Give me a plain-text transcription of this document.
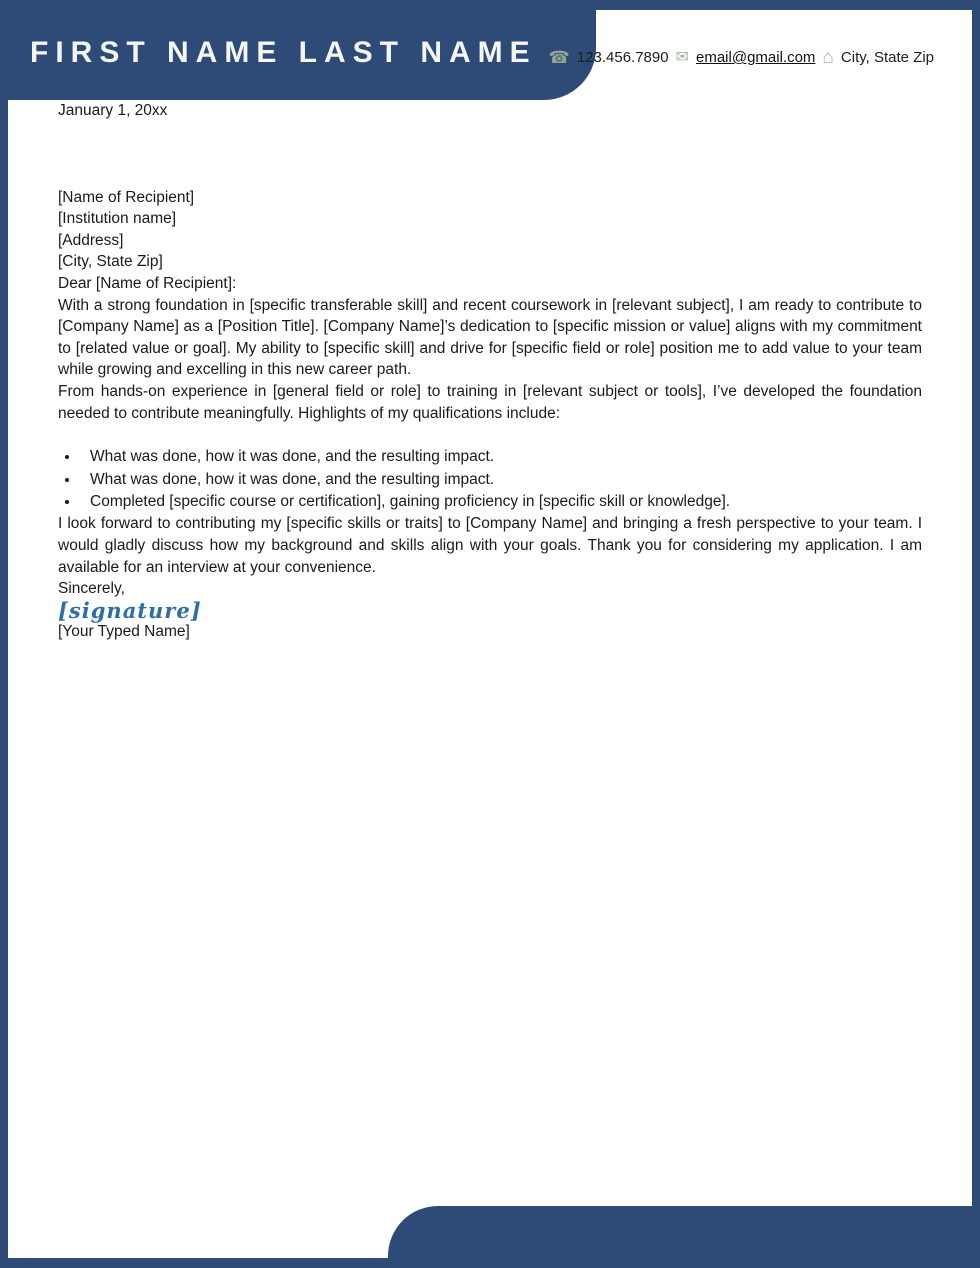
FIRST NAME LAST NAME ☎ 123.456.7890 ✉ email@gmail.com ⌂ City, State Zip

January 1, 20xx

[Name of Recipient]

[Institution name]

[Address]

[City, State Zip]

Dear [Name of Recipient]:

With a strong foundation in [specific transferable skill] and recent coursework in [relevant subject], I am ready to contribute to [Company Name] as a [Position Title]. [Company Name]’s dedication to [specific mission or value] aligns with my commitment to [related value or goal]. My ability to [specific skill] and drive for [specific field or role] position me to add value to your team while growing and excelling in this new career path.

From hands-on experience in [general field or role] to training in [relevant subject or tools], I’ve developed the foundation needed to contribute meaningfully. Highlights of my qualifications include:

• What was done, how it was done, and the resulting impact.
• What was done, how it was done, and the resulting impact.
• Completed [specific course or certification], gaining proficiency in [specific skill or knowledge].

I look forward to contributing my [specific skills or traits] to [Company Name] and bringing a fresh perspective to your team. I would gladly discuss how my background and skills align with your goals. Thank you for considering my application. I am available for an interview at your convenience.

Sincerely,

[signature]

[Your Typed Name]
